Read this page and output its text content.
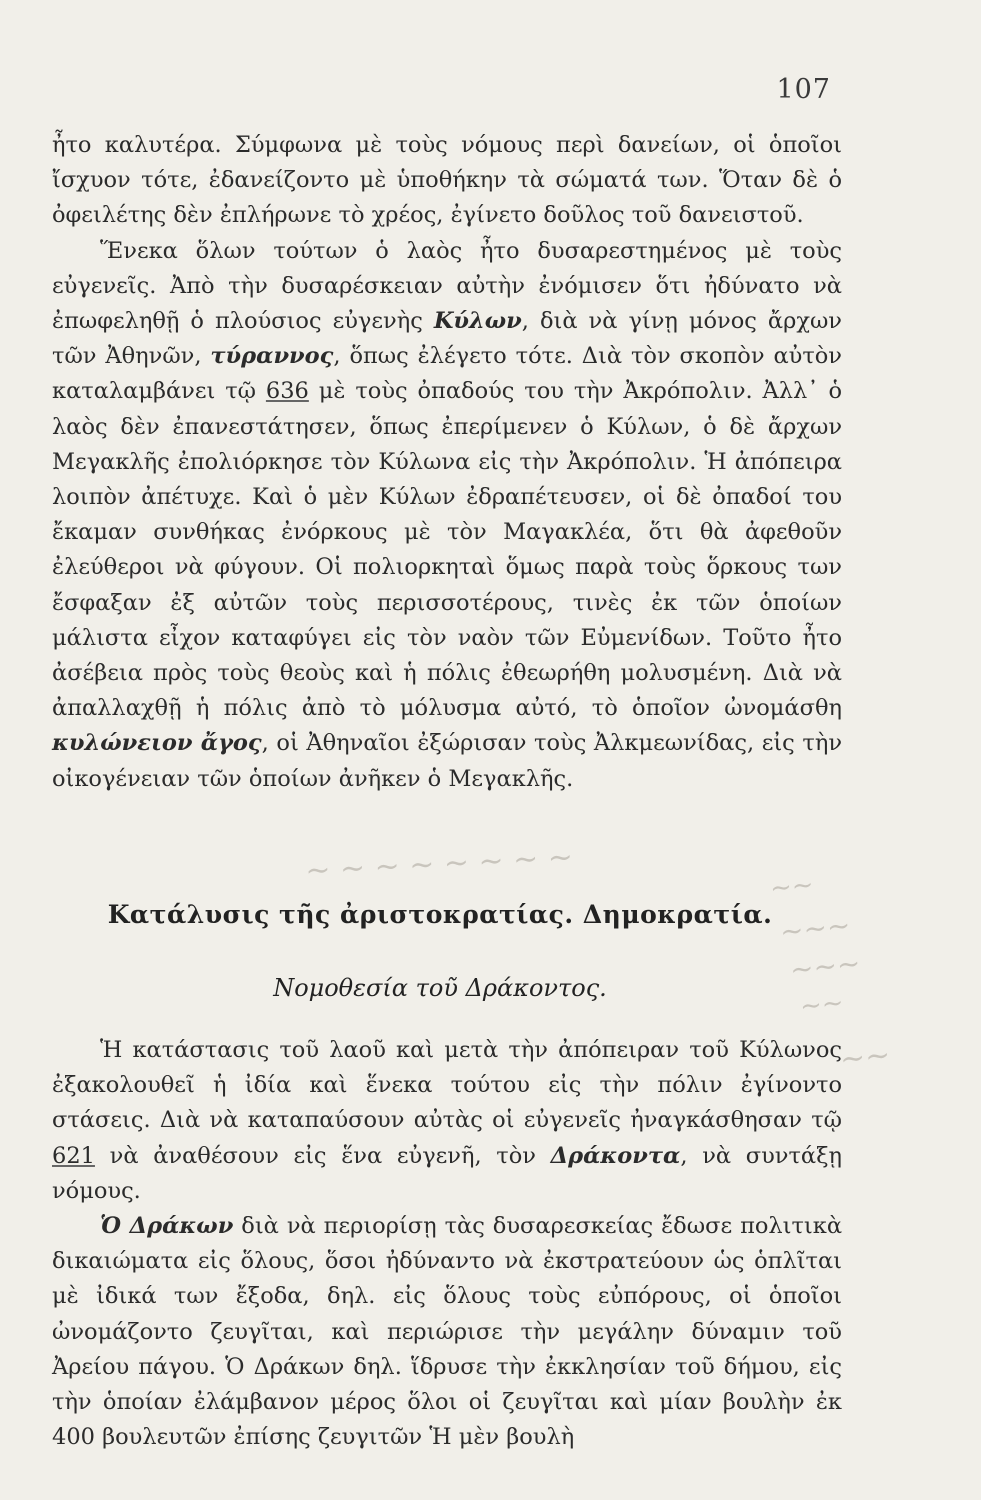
107

ἦτο καλυτέρα. Σύμφωνα μὲ τοὺς νόμους περὶ δανείων, οἱ ὁποῖοι ἴσχυον τότε, ἐδανείζοντο μὲ ὑποθήκην τὰ σώματά των. Ὅταν δὲ ὁ ὀφειλέτης δὲν ἐπλήρωνε τὸ χρέος, ἐγίνετο δοῦλος τοῦ δανειστοῦ.

Ἕνεκα ὅλων τούτων ὁ λαὸς ἦτο δυσαρεστημένος μὲ τοὺς εὐγενεῖς. Ἀπὸ τὴν δυσαρέσκειαν αὐτὴν ἐνόμισεν ὅτι ἠδύνατο νὰ ἐπωφεληθῇ ὁ πλούσιος εὐγενὴς Κύλων, διὰ νὰ γίνῃ μόνος ἄρχων τῶν Ἀθηνῶν, τύραννος, ὅπως ἐλέγετο τότε. Διὰ τὸν σκοπὸν αὐτὸν καταλαμβάνει τῷ 636 μὲ τοὺς ὀπαδούς του τὴν Ἀκρόπολιν. Ἀλλ᾽ ὁ λαὸς δὲν ἐπανεστάτησεν, ὅπως ἐπερίμενεν ὁ Κύλων, ὁ δὲ ἄρχων Μεγακλῆς ἐπολιόρκησε τὸν Κύλωνα εἰς τὴν Ἀκρόπολιν. Ἡ ἀπόπειρα λοιπὸν ἀπέτυχε. Καὶ ὁ μὲν Κύλων ἐδραπέτευσεν, οἱ δὲ ὀπαδοί του ἔκαμαν συνθήκας ἐνόρκους μὲ τὸν Μαγακλέα, ὅτι θὰ ἀφεθοῦν ἐλεύθεροι νὰ φύγουν. Οἱ πολιορκηταὶ ὅμως παρὰ τοὺς ὅρκους των ἔσφαξαν ἐξ αὐτῶν τοὺς περισσοτέρους, τινὲς ἐκ τῶν ὁποίων μάλιστα εἶχον καταφύγει εἰς τὸν ναὸν τῶν Εὐμενίδων. Τοῦτο ἦτο ἀσέβεια πρὸς τοὺς θεοὺς καὶ ἡ πόλις ἐθεωρήθη μολυσμένη. Διὰ νὰ ἀπαλλαχθῇ ἡ πόλις ἀπὸ τὸ μόλυσμα αὐτό, τὸ ὁποῖον ὠνομάσθη κυλώνειον ἄγος, οἱ Ἀθηναῖοι ἐξώρισαν τοὺς Ἀλκμεωνίδας, εἰς τὴν οἰκογένειαν τῶν ὁποίων ἀνῆκεν ὁ Μεγακλῆς.

Κατάλυσις τῆς ἀριστοκρατίας. Δημοκρατία.
Νομοθεσία τοῦ Δράκοντος.

Ἡ κατάστασις τοῦ λαοῦ καὶ μετὰ τὴν ἀπόπειραν τοῦ Κύλωνος ἐξακολουθεῖ ἡ ἰδία καὶ ἕνεκα τούτου εἰς τὴν πόλιν ἐγίνοντο στάσεις. Διὰ νὰ καταπαύσουν αὐτὰς οἱ εὐγενεῖς ἠναγκάσθησαν τῷ 621 νὰ ἀναθέσουν εἰς ἕνα εὐγενῆ, τὸν Δράκοντα, νὰ συντάξῃ νόμους.

Ὁ Δράκων διὰ νὰ περιορίσῃ τὰς δυσαρεσκείας ἔδωσε πολιτικὰ δικαιώματα εἰς ὅλους, ὅσοι ἠδύναντο νὰ ἐκστρατεύουν ὡς ὁπλῖται μὲ ἰδικά των ἔξοδα, δηλ. εἰς ὅλους τοὺς εὐπόρους, οἱ ὁποῖοι ὠνομάζοντο ζευγῖται, καὶ περιώρισε τὴν μεγάλην δύναμιν τοῦ Ἀρείου πάγου. Ὁ Δράκων δηλ. ἵδρυσε τὴν ἐκκλησίαν τοῦ δήμου, εἰς τὴν ὁποίαν ἐλάμβανον μέρος ὅλοι οἱ ζευγῖται καὶ μίαν βουλὴν ἐκ 400 βουλευτῶν ἐπίσης ζευγιτῶν Ἡ μὲν βουλὴ

~ ~ ~ ~ ~ ~ ~ ~	~~
~~~
~~~
~~
~~
